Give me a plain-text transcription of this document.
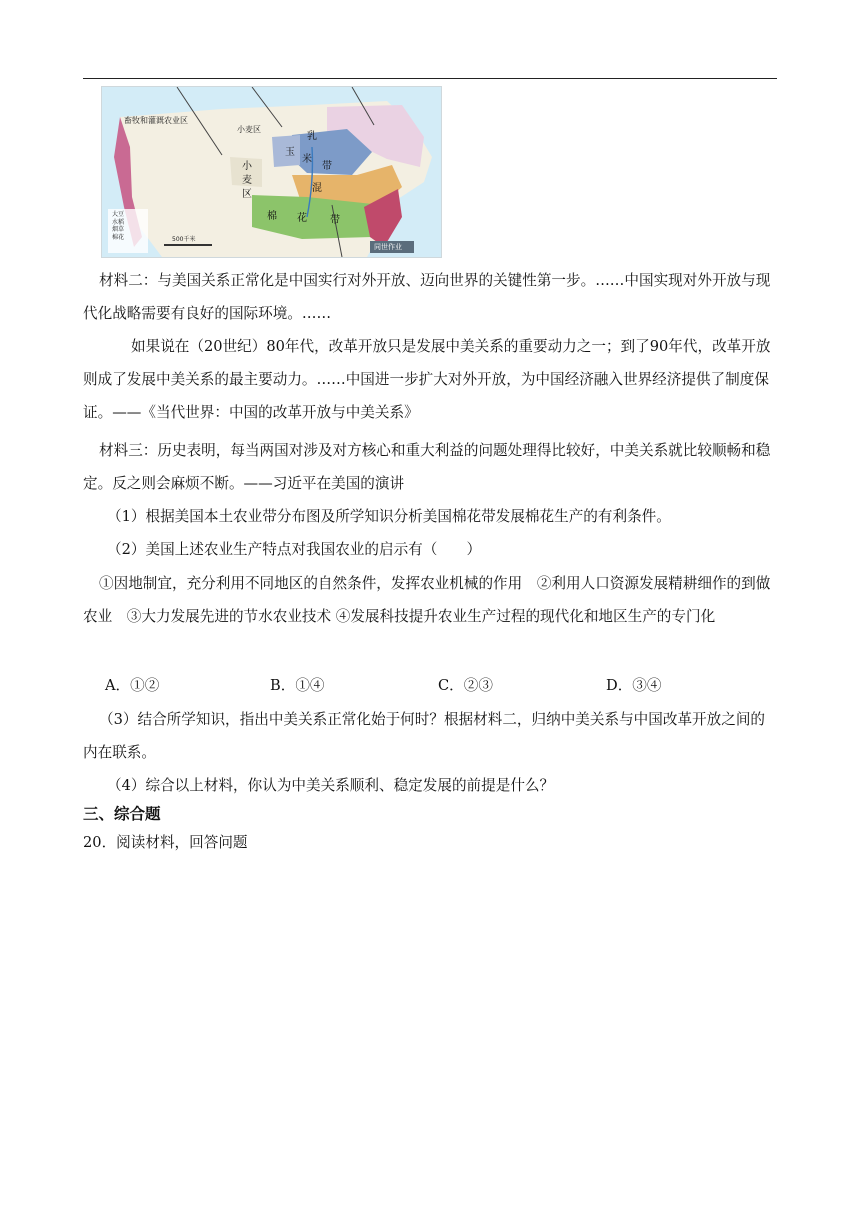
畜牧和灌溉农业区
小麦区
玉
米
带
乳
小
麦
区
混
棉 花 带
大豆
水稻
烟草
棉花	500千米
同世作业

材料二：与美国关系正常化是中国实行对外开放、迈向世界的关键性第一步。……中国实现对外开放与现代化战略需要有良好的国际环境。……

如果说在（20世纪）80年代，改革开放只是发展中美关系的重要动力之一；到了90年代，改革开放则成了发展中美关系的最主要动力。……中国进一步扩大对外开放，为中国经济融入世界经济提供了制度保证。——《当代世界：中国的改革开放与中美关系》

材料三：历史表明，每当两国对涉及对方核心和重大利益的问题处理得比较好，中美关系就比较顺畅和稳定。反之则会麻烦不断。——习近平在美国的演讲

（1）根据美国本土农业带分布图及所学知识分析美国棉花带发展棉花生产的有利条件。

（2）美国上述农业生产特点对我国农业的启示有（　　）

①因地制宜，充分利用不同地区的自然条件，发挥农业机械的作用　②利用人口资源发展精耕细作的到做农业　③大力发展先进的节水农业技术 ④发展科技提升农业生产过程的现代化和地区生产的专门化

A．①②	B．①④	C．②③	D．③④

（3）结合所学知识，指出中美关系正常化始于何时？根据材料二，归纳中美关系与中国改革开放之间的内在联系。

（4）综合以上材料，你认为中美关系顺利、稳定发展的前提是什么？

三、综合题
20．阅读材料，回答问题
